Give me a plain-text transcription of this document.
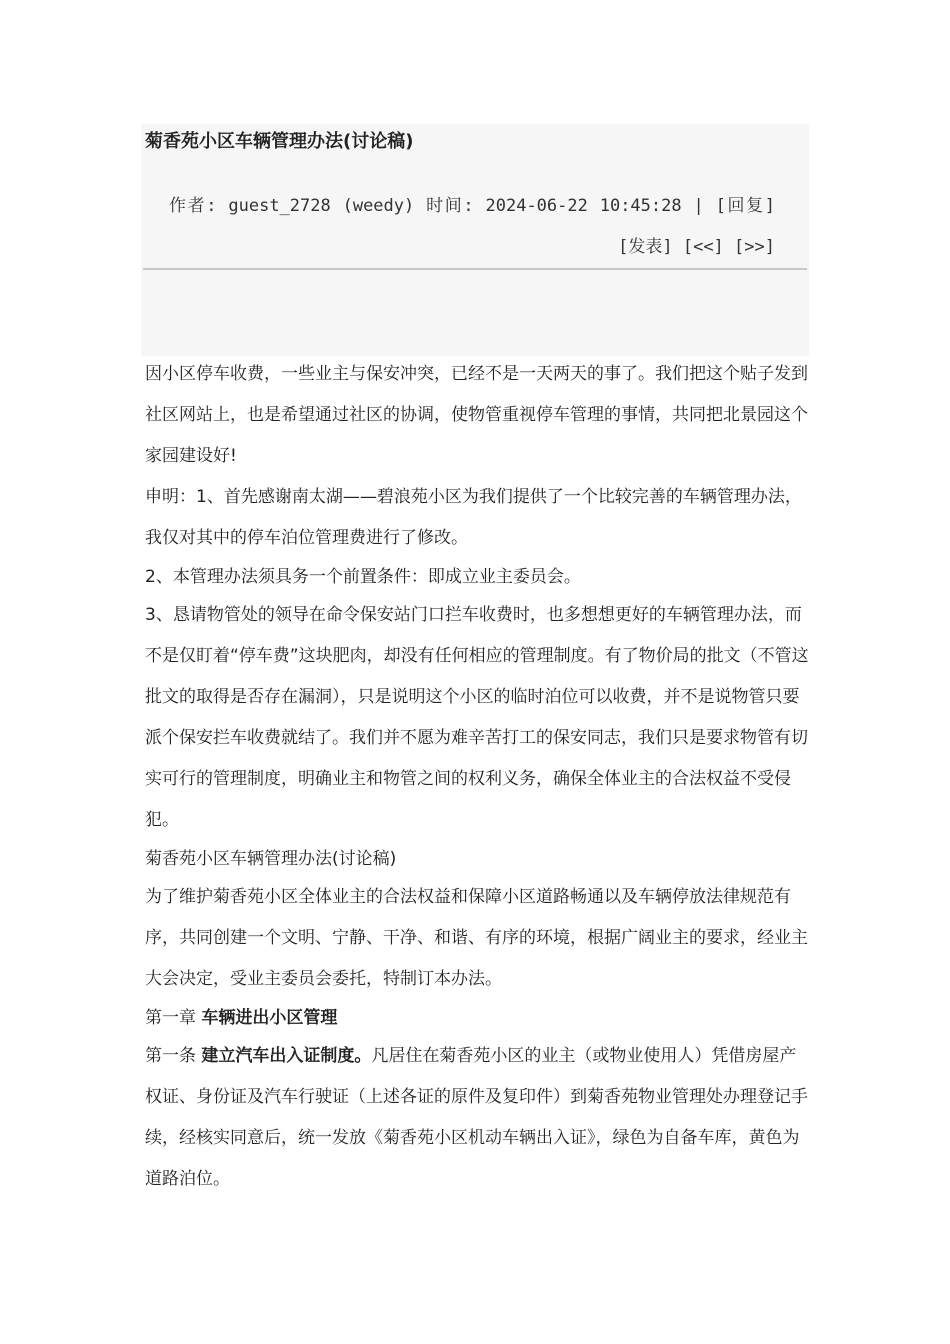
菊香苑小区车辆管理办法(讨论稿)
作者: guest_2728 (weedy) 时间: 2024-06-22 10:45:28 | [回复] [发表] [<<] [>>]

因小区停车收费，一些业主与保安冲突，已经不是一天两天的事了。我们把这个贴子发到社区网站上，也是希望通过社区的协调，使物管重视停车管理的事情，共同把北景园这个家园建设好!

申明：1、首先感谢南太湖——碧浪苑小区为我们提供了一个比较完善的车辆管理办法，我仅对其中的停车泊位管理费进行了修改。

2、本管理办法须具务一个前置条件：即成立业主委员会。

3、恳请物管处的领导在命令保安站门口拦车收费时，也多想想更好的车辆管理办法，而不是仅盯着“停车费”这块肥肉，却没有任何相应的管理制度。有了物价局的批文（不管这批文的取得是否存在漏洞），只是说明这个小区的临时泊位可以收费，并不是说物管只要派个保安拦车收费就结了。我们并不愿为难辛苦打工的保安同志，我们只是要求物管有切实可行的管理制度，明确业主和物管之间的权利义务，确保全体业主的合法权益不受侵犯。

菊香苑小区车辆管理办法(讨论稿)

为了维护菊香苑小区全体业主的合法权益和保障小区道路畅通以及车辆停放法律规范有序，共同创建一个文明、宁静、干净、和谐、有序的环境，根据广阔业主的要求，经业主大会决定，受业主委员会委托，特制订本办法。

第一章 车辆进出小区管理

第一条 建立汽车出入证制度。凡居住在菊香苑小区的业主（或物业使用人）凭借房屋产权证、身份证及汽车行驶证（上述各证的原件及复印件）到菊香苑物业管理处办理登记手续，经核实同意后，统一发放《菊香苑小区机动车辆出入证》，绿色为自备车库，黄色为道路泊位。
